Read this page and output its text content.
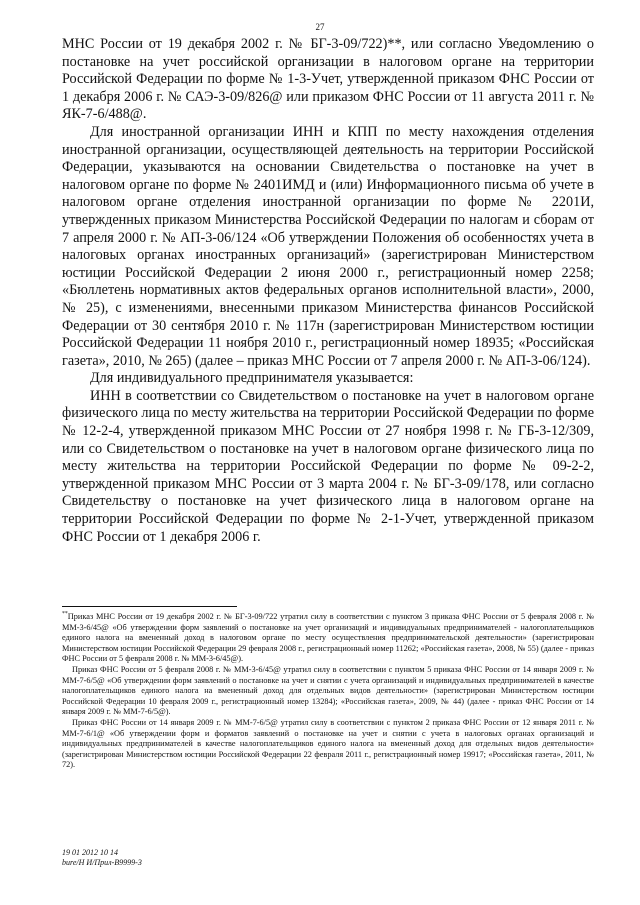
27

МНС России от 19 декабря 2002 г. № БГ-3-09/722)**, или согласно Уведомлению о постановке на учет российской организации в налоговом органе на территории Российской Федерации по форме № 1-3-Учет, утвержденной приказом ФНС России от 1 декабря 2006 г. № САЭ-3-09/826@ или приказом ФНС России от 11 августа 2011 г. № ЯК-7-6/488@.

Для иностранной организации ИНН и КПП по месту нахождения отделения иностранной организации, осуществляющей деятельность на территории Российской Федерации, указываются на основании Свидетельства о постановке на учет в налоговом органе по форме № 2401ИМД и (или) Информационного письма об учете в налоговом органе отделения иностранной организации по форме № 2201И, утвержденных приказом Министерства Российской Федерации по налогам и сборам от 7 апреля 2000 г. № АП-3-06/124 «Об утверждении Положения об особенностях учета в налоговых органах иностранных организаций» (зарегистрирован Министерством юстиции Российской Федерации 2 июня 2000 г., регистрационный номер 2258; «Бюллетень нормативных актов федеральных органов исполнительной власти», 2000, № 25), с изменениями, внесенными приказом Министерства финансов Российской Федерации от 30 сентября 2010 г. № 117н (зарегистрирован Министерством юстиции Российской Федерации 11 ноября 2010 г., регистрационный номер 18935; «Российская газета», 2010, № 265) (далее – приказ МНС России от 7 апреля 2000 г. № АП-3-06/124).

Для индивидуального предпринимателя указывается:

ИНН в соответствии со Свидетельством о постановке на учет в налоговом органе физического лица по месту жительства на территории Российской Федерации по форме № 12-2-4, утвержденной приказом МНС России от 27 ноября 1998 г. № ГБ-3-12/309, или со Свидетельством о постановке на учет в налоговом органе физического лица по месту жительства на территории Российской Федерации по форме № 09-2-2, утвержденной приказом МНС России от 3 марта 2004 г. № БГ-3-09/178, или согласно Свидетельству о постановке на учет физического лица в налоговом органе на территории Российской Федерации по форме № 2-1-Учет, утвержденной приказом ФНС России от 1 декабря 2006 г.

**Приказ МНС России от 19 декабря 2002 г. № БГ-3-09/722 утратил силу в соответствии с пунктом 3 приказа ФНС России от 5 февраля 2008 г. № ММ-3-6/45@ «Об утверждении форм заявлений о постановке на учет организаций и индивидуальных предпринимателей - налогоплательщиков единого налога на вмененный доход в налоговом органе по месту осуществления предпринимательской деятельности» (зарегистрирован Министерством юстиции Российской Федерации 29 февраля 2008 г., регистрационный номер 11262; «Российская газета», 2008, № 55) (далее - приказ ФНС России от 5 февраля 2008 г. № ММ-3-6/45@).

Приказ ФНС России от 5 февраля 2008 г. № ММ-3-6/45@ утратил силу в соответствии с пунктом 5 приказа ФНС России от 14 января 2009 г. № ММ-7-6/5@ «Об утверждении форм заявлений о постановке на учет и снятии с учета организаций и индивидуальных предпринимателей в качестве налогоплательщиков единого налога на вмененный доход для отдельных видов деятельности» (зарегистрирован Министерством юстиции Российской Федерации 10 февраля 2009 г., регистрационный номер 13284); «Российская газета», 2009, № 44) (далее - приказ ФНС России от 14 января 2009 г. № ММ-7-6/5@).

Приказ ФНС России от 14 января 2009 г. № ММ-7-6/5@ утратил силу в соответствии с пунктом 2 приказа ФНС России от 12 января 2011 г. № ММ-7-6/1@ «Об утверждении форм и форматов заявлений о постановке на учет и снятии с учета в налоговых органах организаций и индивидуальных предпринимателей в качестве налогоплательщиков единого налога на вмененный доход для отдельных видов деятельности» (зарегистрирован Министерством юстиции Российской Федерации 22 февраля 2011 г., регистрационный номер 19917; «Российская газета», 2011, № 72).

19 01 2012 10 14
bure/Н И/Прил-В9999-3
